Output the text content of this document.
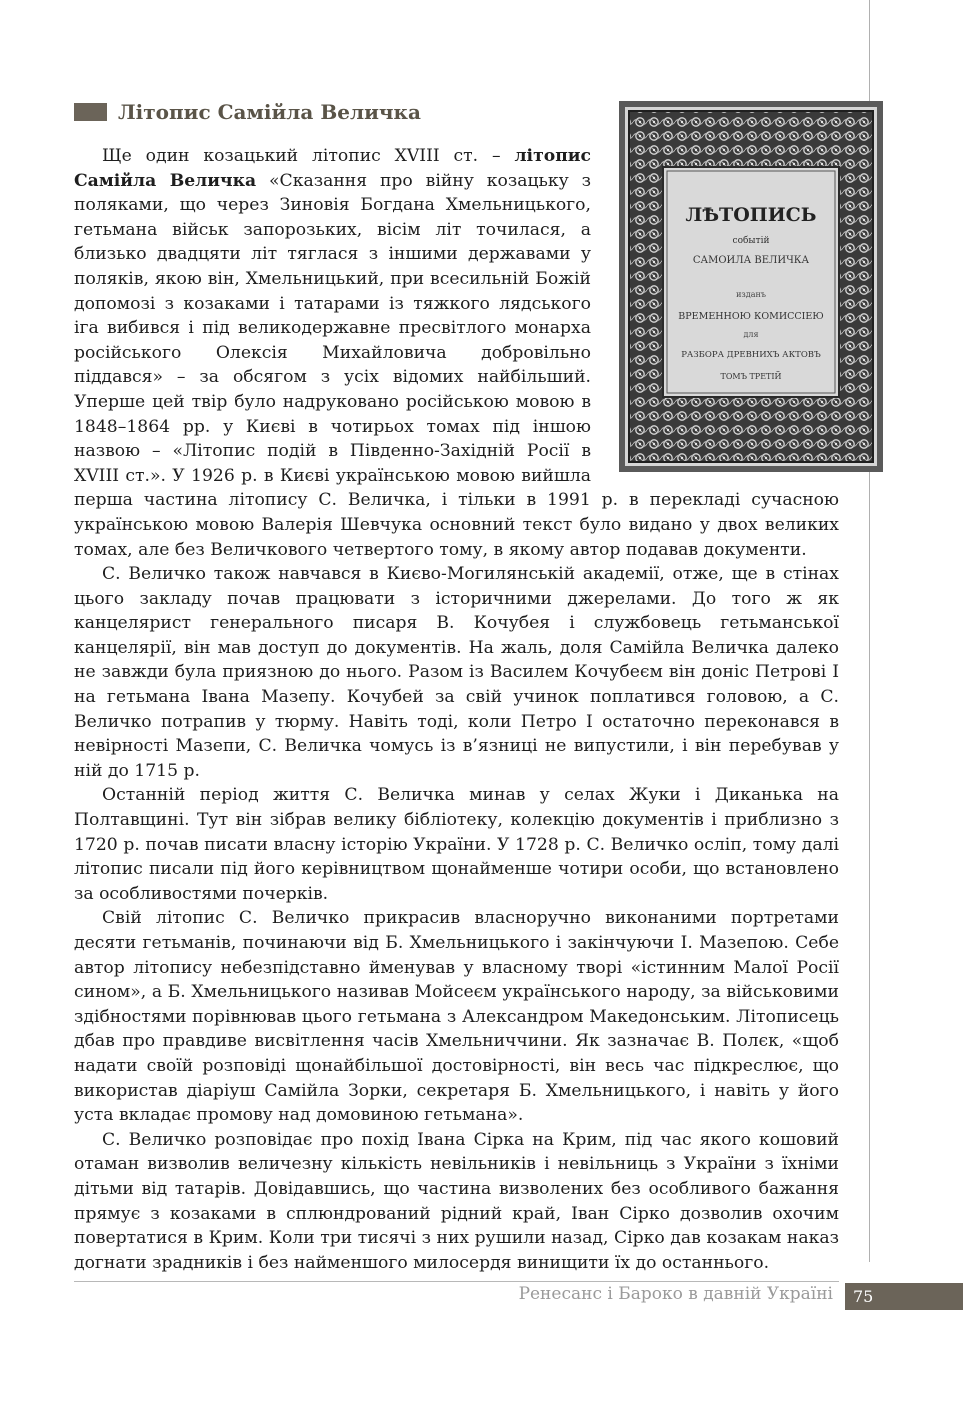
Літопис Самійла Величка
ЛѢТОПИСЬ
событій
САМОИЛА ВЕЛИЧКА
изданъ
ВРЕМЕННОЮ КОМИССІЕЮ
для
РАЗБОРА ДРЕВНИХЪ АКТОВЪ
ТОМЪ ТРЕТІЙ

Ще один козацький літопис XVIII ст. – літопис Самійла Величка «Сказання про війну козацьку з поляками, що через Зиновія Богдана Хмельницького, гетьмана військ запорозьких, вісім літ точилася, а близько двадцяти літ тяглася з іншими державами у поляків, якою він, Хмельницький, при всесильній Божій допомозі з козаками і татарами із тяжкого лядського іга вибився і під великодержавне пресвітлого монарха російського Олексія Михайловича добровільно піддався» – за обсягом з усіх відомих найбільший. Уперше цей твір було надруковано російською мовою в 1848–1864 рр. у Києві в чотирьох томах під іншою назвою – «Літопис подій в Південно-Західній Росії в XVIII ст.». У 1926 р. в Києві українською мовою вийшла перша частина літопису С. Величка, і тільки в 1991 р. в перекладі сучасною українською мовою Валерія Шевчука основний текст було видано у двох великих томах, але без Величкового четвертого тому, в якому автор подавав документи.

С. Величко також навчався в Києво-Могилянській академії, отже, ще в стінах цього закладу почав працювати з історичними джерелами. До того ж як канцелярист генерального писаря В. Кочубея і службовець гетьманської канцелярії, він мав доступ до документів. На жаль, доля Самійла Величка далеко не завжди була приязною до нього. Разом із Василем Кочубеєм він доніс Петрові І на гетьмана Івана Мазепу. Кочубей за свій учинок поплатився головою, а С. Величко потрапив у тюрму. Навіть тоді, коли Петро І остаточно переконався в невірності Мазепи, С. Величка чомусь із в’язниці не випустили, і він перебував у ній до 1715 р.

Останній період життя С. Величка минав у селах Жуки і Диканька на Полтавщині. Тут він зібрав велику бібліотеку, колекцію документів і приблизно з 1720 р. почав писати власну історію України. У 1728 р. С. Величко осліп, тому далі літопис писали під його керівництвом щонайменше чотири особи, що встановлено за особливостями почерків.

Свій літопис С. Величко прикрасив власноручно виконаними портретами десяти гетьманів, починаючи від Б. Хмельницького і закінчуючи І. Мазепою. Себе автор літопису небезпідставно йменував у власному творі «істинним Малої Росії сином», а Б. Хмельницького називав Мойсеєм українського народу, за військовими здібностями порівнював цього гетьмана з Александром Македонським. Літописець дбав про правдиве висвітлення часів Хмельниччини. Як зазначає В. Полєк, «щоб надати своїй розповіді щонайбільшої достовірності, він весь час підкреслює, що використав діаріуш Самійла Зорки, секретаря Б. Хмельницького, і навіть у його уста вкладає промову над домовиною гетьмана».

С. Величко розповідає про похід Івана Сірка на Крим, під час якого кошовий отаман визволив величезну кількість невільників і невільниць з України з їхніми дітьми від татарів. Довідавшись, що частина визволених без особливого бажання прямує з козаками в сплюндрований рідний край, Іван Сірко дозволив охочим повертатися в Крим. Коли три тисячі з них рушили назад, Сірко дав козакам наказ догнати зрадників і без найменшого милосердя винищити їх до останнього.

Ренесанс і Бароко в давній Україні	75
